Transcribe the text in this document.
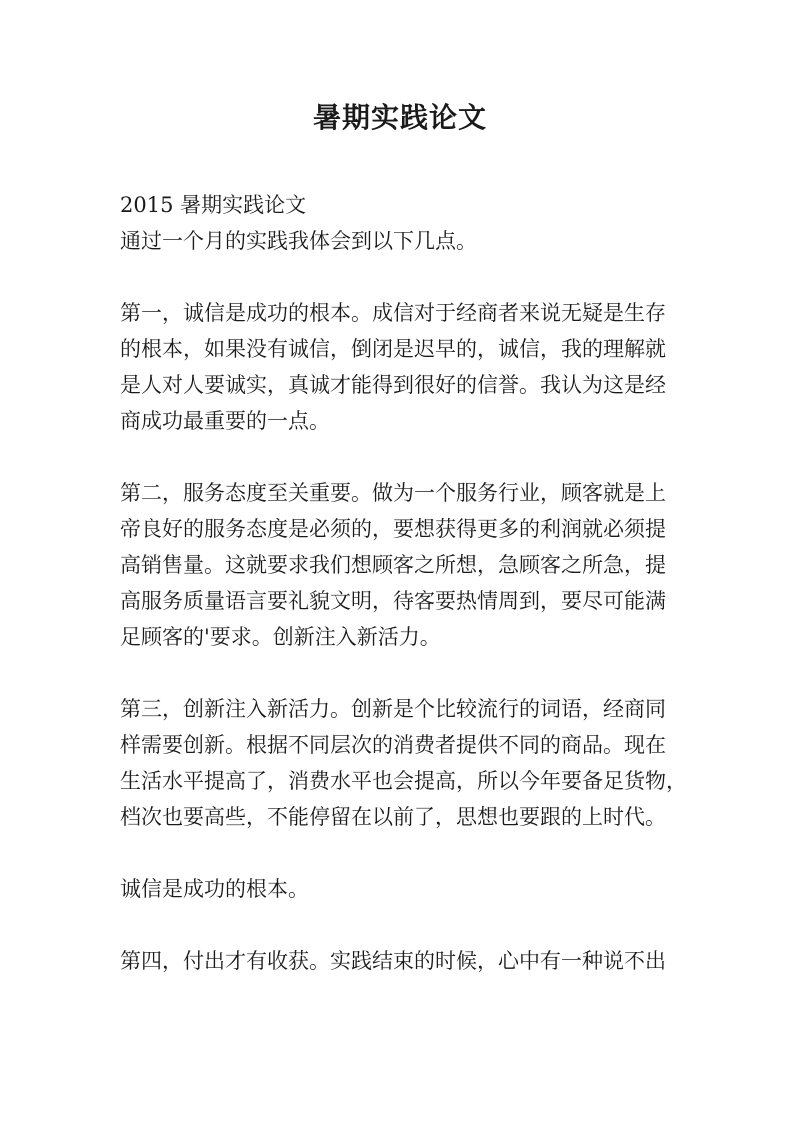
暑期实践论文
2015 暑期实践论文
通过一个月的实践我体会到以下几点。
第一，诚信是成功的根本。成信对于经商者来说无疑是生存
的根本，如果没有诚信，倒闭是迟早的，诚信，我的理解就
是人对人要诚实，真诚才能得到很好的信誉。我认为这是经
商成功最重要的一点。
第二，服务态度至关重要。做为一个服务行业，顾客就是上
帝良好的服务态度是必须的，要想获得更多的利润就必须提
高销售量。这就要求我们想顾客之所想，急顾客之所急，提
高服务质量语言要礼貌文明，待客要热情周到，要尽可能满
足顾客的'要求。创新注入新活力。
第三，创新注入新活力。创新是个比较流行的词语，经商同
样需要创新。根据不同层次的消费者提供不同的商品。现在
生活水平提高了，消费水平也会提高，所以今年要备足货物，
档次也要高些，不能停留在以前了，思想也要跟的上时代。
诚信是成功的根本。
第四，付出才有收获。实践结束的时候，心中有一种说不出
